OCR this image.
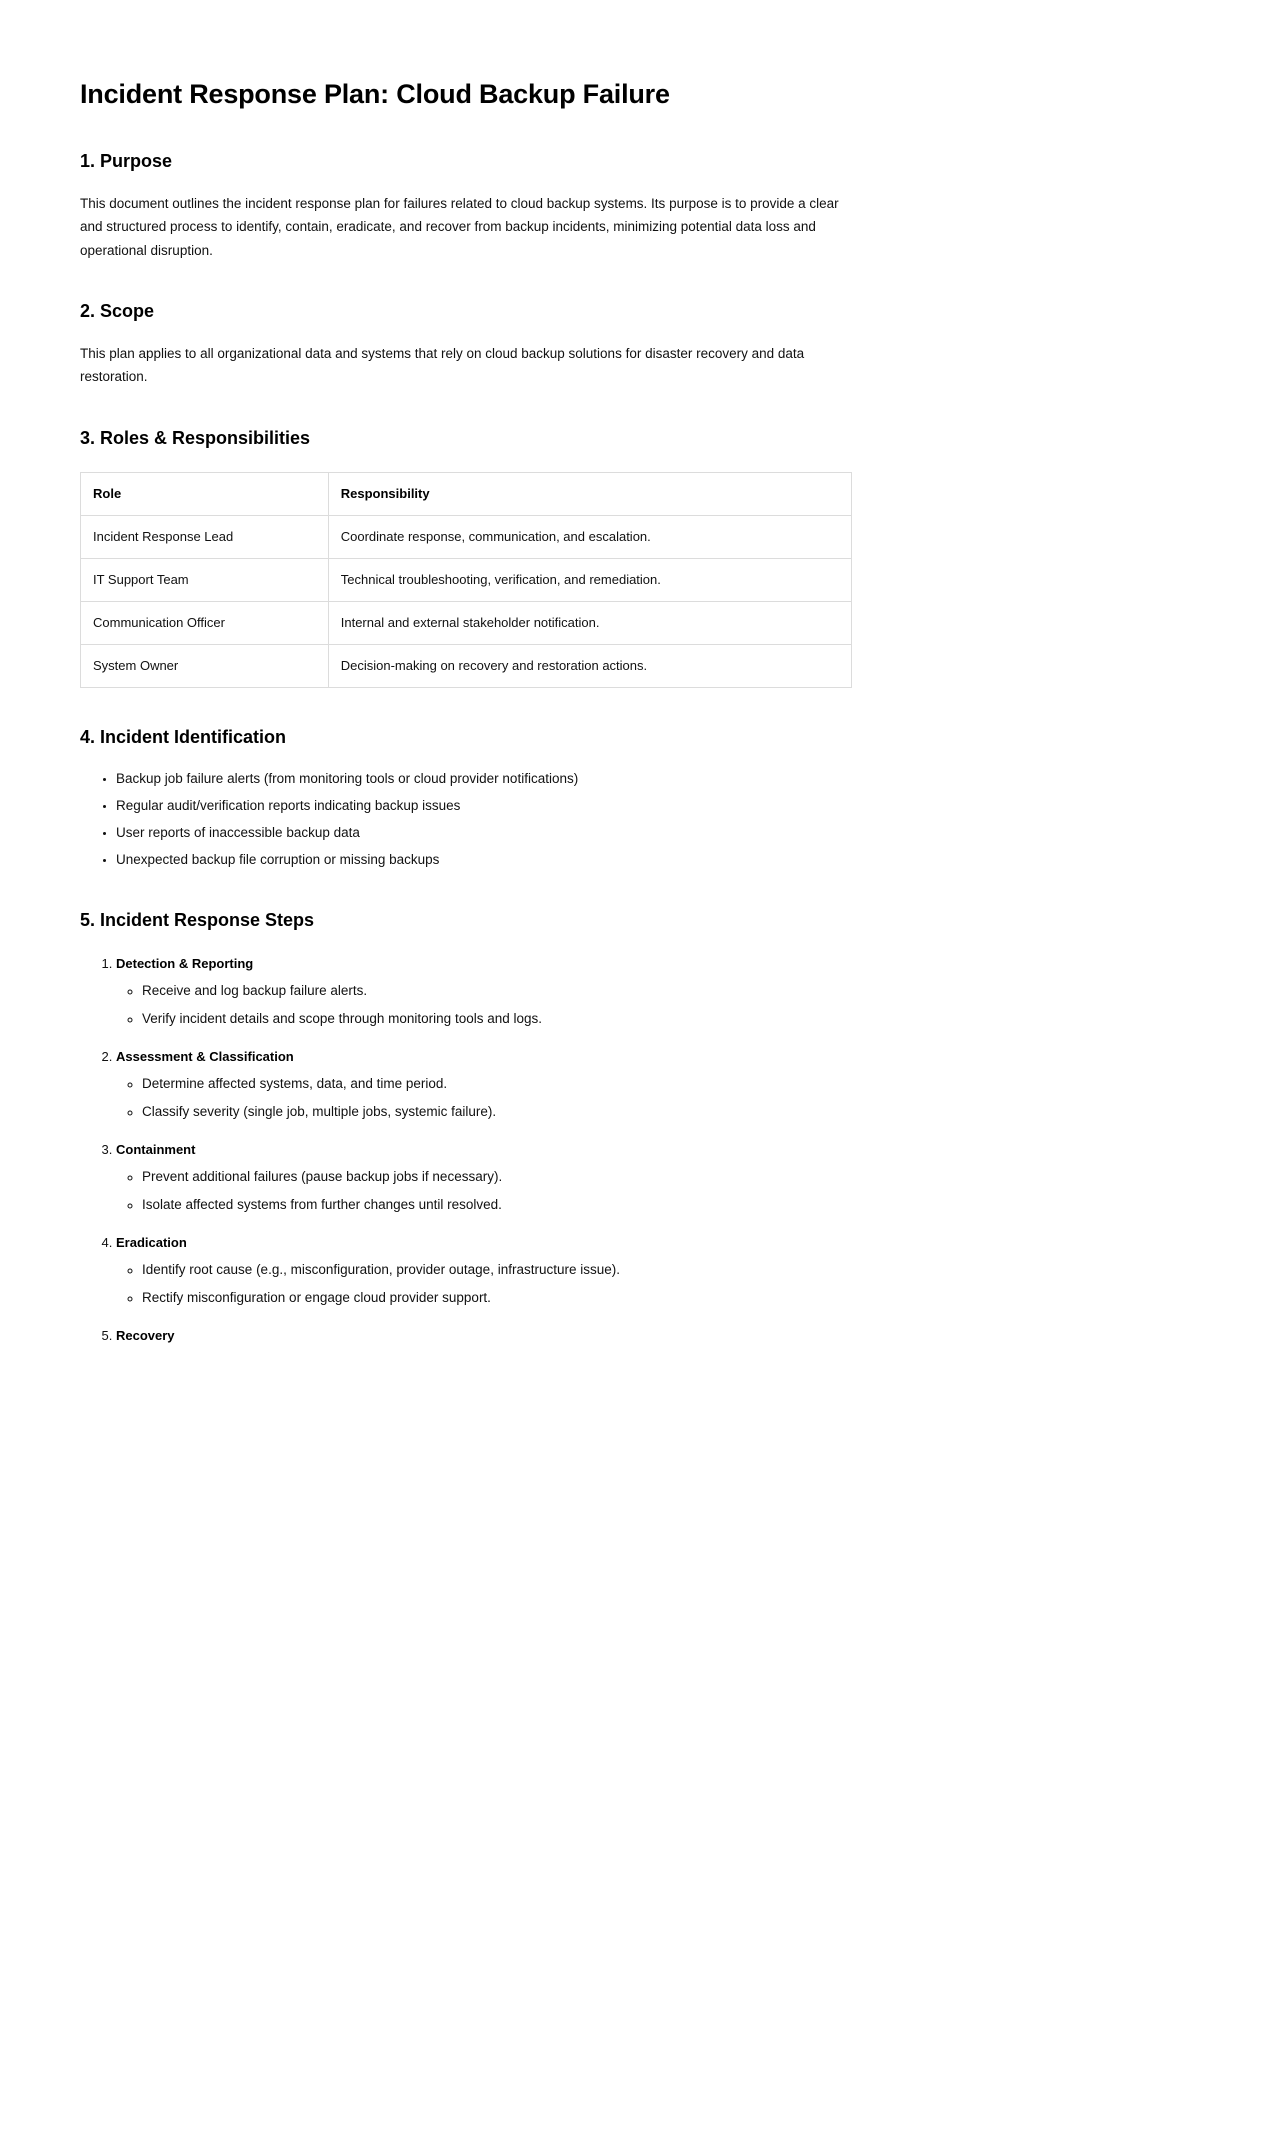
Incident Response Plan: Cloud Backup Failure
1. Purpose

This document outlines the incident response plan for failures related to cloud backup systems. Its purpose is to provide a clear and structured process to identify, contain, eradicate, and recover from backup incidents, minimizing potential data loss and operational disruption.

2. Scope

This plan applies to all organizational data and systems that rely on cloud backup solutions for disaster recovery and data restoration.

3. Roles & Responsibilities
Role	Responsibility
Incident Response Lead	Coordinate response, communication, and escalation.
IT Support Team	Technical troubleshooting, verification, and remediation.
Communication Officer	Internal and external stakeholder notification.
System Owner	Decision-making on recovery and restoration actions.
4. Incident Identification
• Backup job failure alerts (from monitoring tools or cloud provider notifications)
• Regular audit/verification reports indicating backup issues
• User reports of inaccessible backup data
• Unexpected backup file corruption or missing backups
5. Incident Response Steps
1. Detection & Reporting
◦ Receive and log backup failure alerts.
◦ Verify incident details and scope through monitoring tools and logs.
2. Assessment & Classification
◦ Determine affected systems, data, and time period.
◦ Classify severity (single job, multiple jobs, systemic failure).
3. Containment
◦ Prevent additional failures (pause backup jobs if necessary).
◦ Isolate affected systems from further changes until resolved.
4. Eradication
◦ Identify root cause (e.g., misconfiguration, provider outage, infrastructure issue).
◦ Rectify misconfiguration or engage cloud provider support.
5. Recovery
